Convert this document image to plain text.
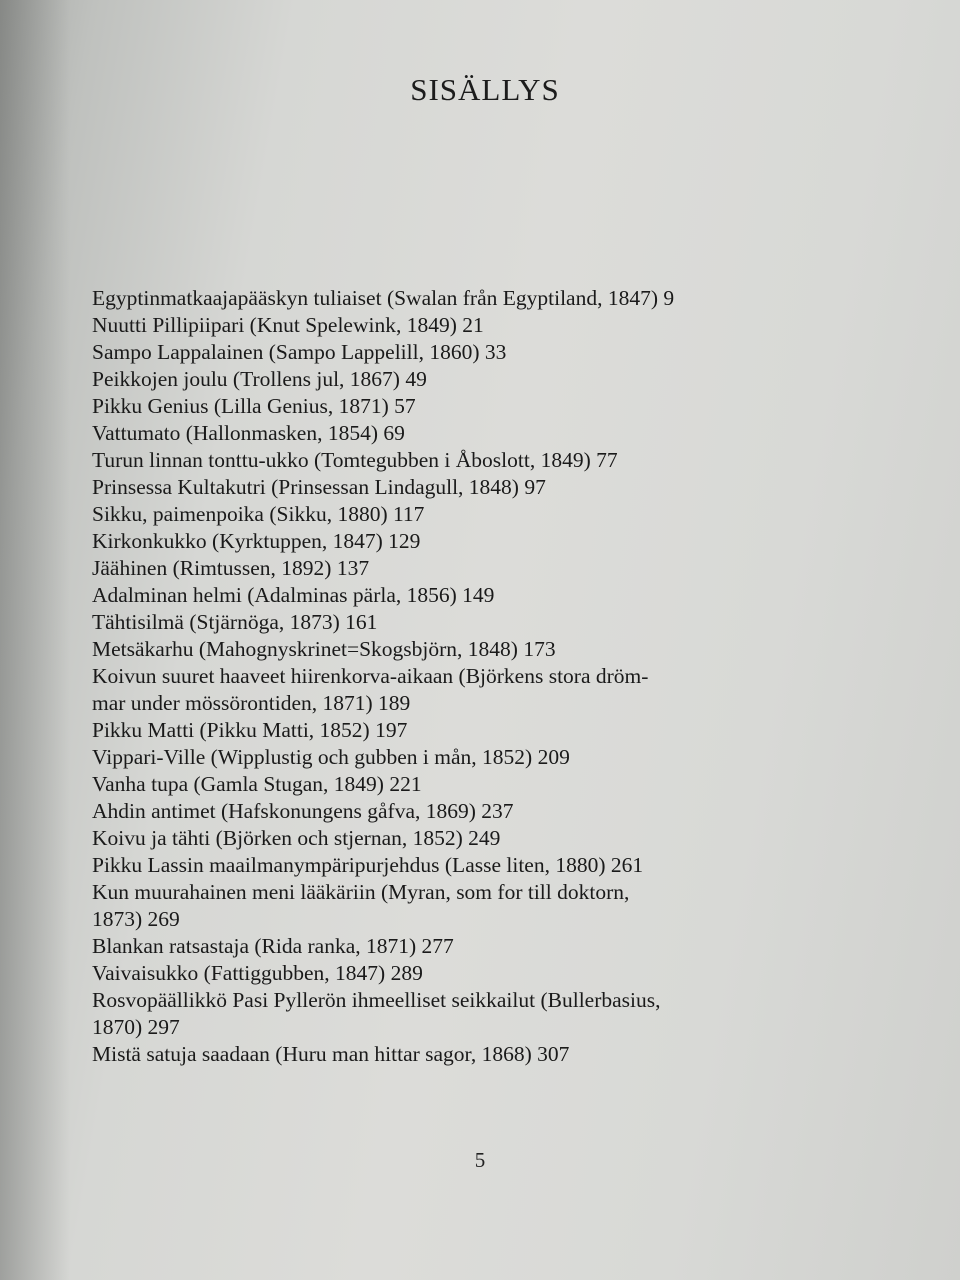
SISÄLLYS
Egyptinmatkaajapääskyn tuliaiset (Swalan från Egyptiland, 1847) 9
Nuutti Pillipiipari (Knut Spelewink, 1849) 21
Sampo Lappalainen (Sampo Lappelill, 1860) 33
Peikkojen joulu (Trollens jul, 1867) 49
Pikku Genius (Lilla Genius, 1871) 57
Vattumato (Hallonmasken, 1854) 69
Turun linnan tonttu-ukko (Tomtegubben i Åboslott, 1849) 77
Prinsessa Kultakutri (Prinsessan Lindagull, 1848) 97
Sikku, paimenpoika (Sikku, 1880) 117
Kirkonkukko (Kyrktuppen, 1847) 129
Jäähinen (Rimtussen, 1892) 137
Adalminan helmi (Adalminas pärla, 1856) 149
Tähtisilmä (Stjärnöga, 1873) 161
Metsäkarhu (Mahognyskrinet=Skogsbjörn, 1848) 173
Koivun suuret haaveet hiirenkorva-aikaan (Björkens stora dröm-
mar under mössörontiden, 1871) 189
Pikku Matti (Pikku Matti, 1852) 197
Vippari-Ville (Wipplustig och gubben i mån, 1852) 209
Vanha tupa (Gamla Stugan, 1849) 221
Ahdin antimet (Hafskonungens gåfva, 1869) 237
Koivu ja tähti (Björken och stjernan, 1852) 249
Pikku Lassin maailmanympäripurjehdus (Lasse liten, 1880) 261
Kun muurahainen meni lääkäriin (Myran, som for till doktorn,
1873) 269
Blankan ratsastaja (Rida ranka, 1871) 277
Vaivaisukko (Fattiggubben, 1847) 289
Rosvopäällikkö Pasi Pyllerön ihmeelliset seikkailut (Bullerbasius,
1870) 297
Mistä satuja saadaan (Huru man hittar sagor, 1868) 307
5
